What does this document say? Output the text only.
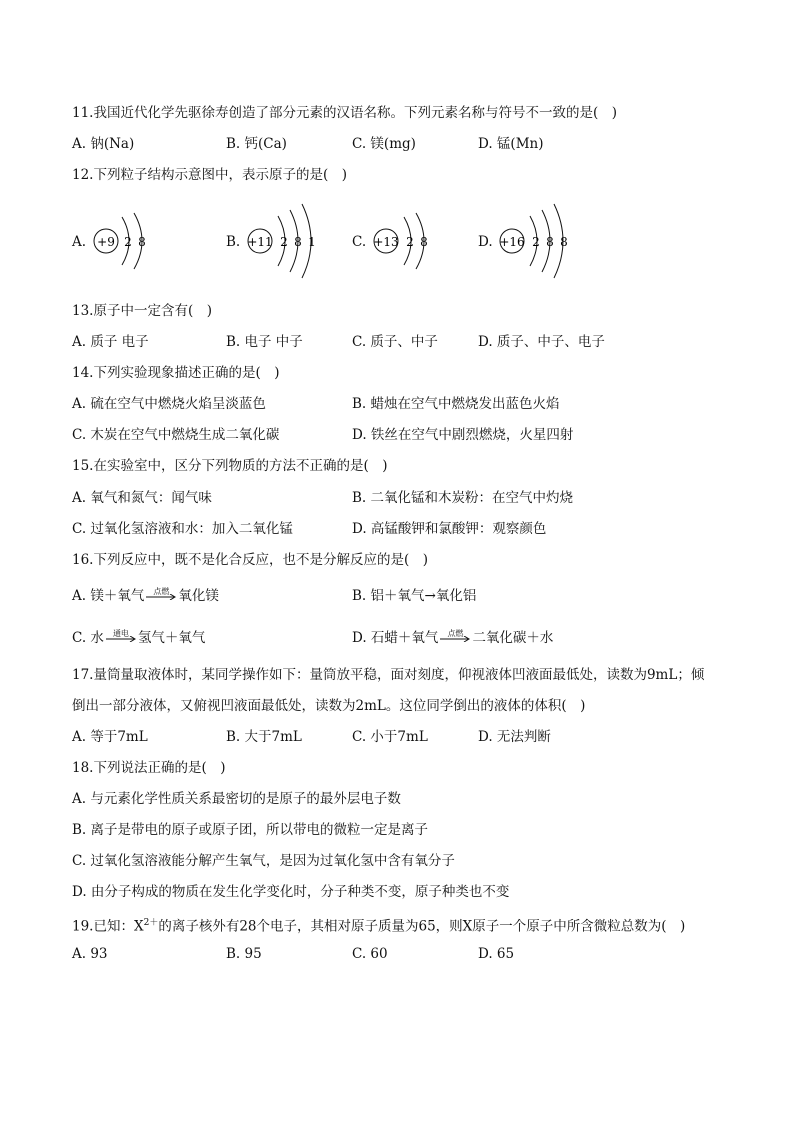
11.我国近代化学先驱徐寿创造了部分元素的汉语名称。下列元素名称与符号不一致的是(　)
A. 钠(Na)	B. 钙(Ca)	C. 镁(mg)	D. 锰(Mn)
12.下列粒子结构示意图中，表示原子的是(　)
A.	B.	C.	D.
+9 2 8	+11 2 8 1	+13 2 8	+16 2 8 8
13.原子中一定含有(　)
A. 质子 电子	B. 电子 中子	C. 质子、中子	D. 质子、中子、电子
14.下列实验现象描述正确的是(　)
A. 硫在空气中燃烧火焰呈淡蓝色	B. 蜡烛在空气中燃烧发出蓝色火焰
C. 木炭在空气中燃烧生成二氧化碳	D. 铁丝在空气中剧烈燃烧，火星四射
15.在实验室中，区分下列物质的方法不正确的是(　)
A. 氧气和氮气：闻气味	B. 二氧化锰和木炭粉：在空气中灼烧
C. 过氧化氢溶液和水：加入二氧化锰	D. 高锰酸钾和氯酸钾：观察颜色
16.下列反应中，既不是化合反应，也不是分解反应的是(　)
A. 镁＋氧气	点燃 氧化镁	B. 铝＋氧气→氧化铝
C. 水	通电 氢气＋氧气	D. 石蜡＋氧气	点燃 二氧化碳＋水
17.量筒量取液体时，某同学操作如下：量筒放平稳，面对刻度，仰视液体凹液面最低处，读数为9mL；倾
倒出一部分液体，又俯视凹液面最低处，读数为2mL。这位同学倒出的液体的体积(　)
A. 等于7mL	B. 大于7mL	C. 小于7mL	D. 无法判断
18.下列说法正确的是(　)
A. 与元素化学性质关系最密切的是原子的最外层电子数
B. 离子是带电的原子或原子团，所以带电的微粒一定是离子
C. 过氧化氢溶液能分解产生氧气，是因为过氧化氢中含有氧分子
D. 由分子构成的物质在发生化学变化时，分子种类不变，原子种类也不变
19.已知：$X^{2+}$的离子核外有28个电子，其相对原子质量为65，则X原子一个原子中所含微粒总数为(　)
A. 93	B. 95	C. 60	D. 65
